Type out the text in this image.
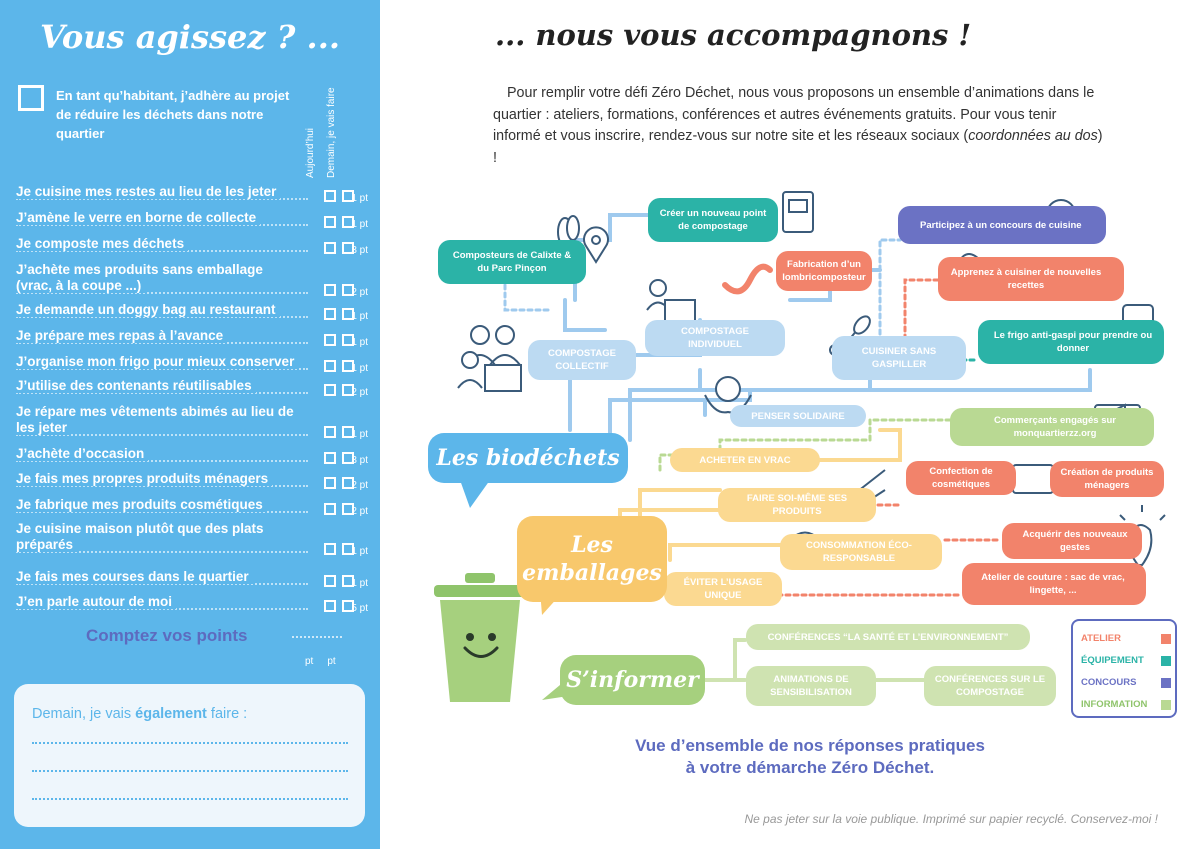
Vous agissez ? ...
En tant qu’habitant, j’adhère au projet de réduire les déchets dans notre quartier	Aujourd’hui Demain, je vais faire
Je cuisine mes restes au lieu de les jeter	1 pt
J’amène le verre en borne de collecte	1 pt
Je composte mes déchets	3 pt
J’achète mes produits sans emballage (vrac, à la coupe ...)	2 pt
Je demande un doggy bag au restaurant	1 pt
Je prépare mes repas à l’avance	1 pt
J’organise mon frigo pour mieux conserver	1 pt
J’utilise des contenants réutilisables	2 pt
Je répare mes vêtements abimés au lieu de les jeter	1 pt
J’achète d’occasion	3 pt
Je fais mes propres produits ménagers	2 pt
Je fabrique mes produits cosmétiques	2 pt
Je cuisine maison plutôt que des plats préparés	1 pt
Je fais mes courses dans le quartier	1 pt
J’en parle autour de moi	5 pt
Comptez vos points
pt pt
Demain, je vais également faire :
... nous vous accompagnons !

Pour remplir votre défi Zéro Déchet, nous vous proposons un ensemble d’animations dans le quartier : ateliers, formations, conférences et autres événements gratuits. Pour vous tenir informé et vous inscrire, rendez-vous sur notre site et les réseaux sociaux (coordonnées au dos) !

Composteurs de Calixte & du Parc Pinçon
Créer un nouveau point de compostage
COMPOSTAGE COLLECTIF
COMPOSTAGE INDIVIDUEL
Fabrication d’un lombricomposteur
Participez à un concours de cuisine
Apprenez à cuisiner de nouvelles recettes
CUISINER SANS GASPILLER
Le frigo anti-gaspi pour prendre ou donner
PENSER SOLIDAIRE	Commerçants engagés sur monquartierzz.org
Les biodéchets	ACHETER EN VRAC
FAIRE SOI-MÊME SES PRODUITS
Confection de cosmétiques
Création de produits ménagers
CONSOMMATION ÉCO-RESPONSABLE
Acquérir des nouveaux gestes
ÉVITER L’USAGE UNIQUE
Atelier de couture : sac de vrac, lingette, ...
Les emballages
CONFÉRENCES “LA SANTÉ ET L’ENVIRONNEMENT”
S’informer	ANIMATIONS DE SENSIBILISATION
CONFÉRENCES SUR LE COMPOSTAGE
ATELIER
ÉQUIPEMENT
CONCOURS
INFORMATION
Vue d’ensemble de nos réponses pratiques
à votre démarche Zéro Déchet.
Ne pas jeter sur la voie publique. Imprimé sur papier recyclé. Conservez-moi !
